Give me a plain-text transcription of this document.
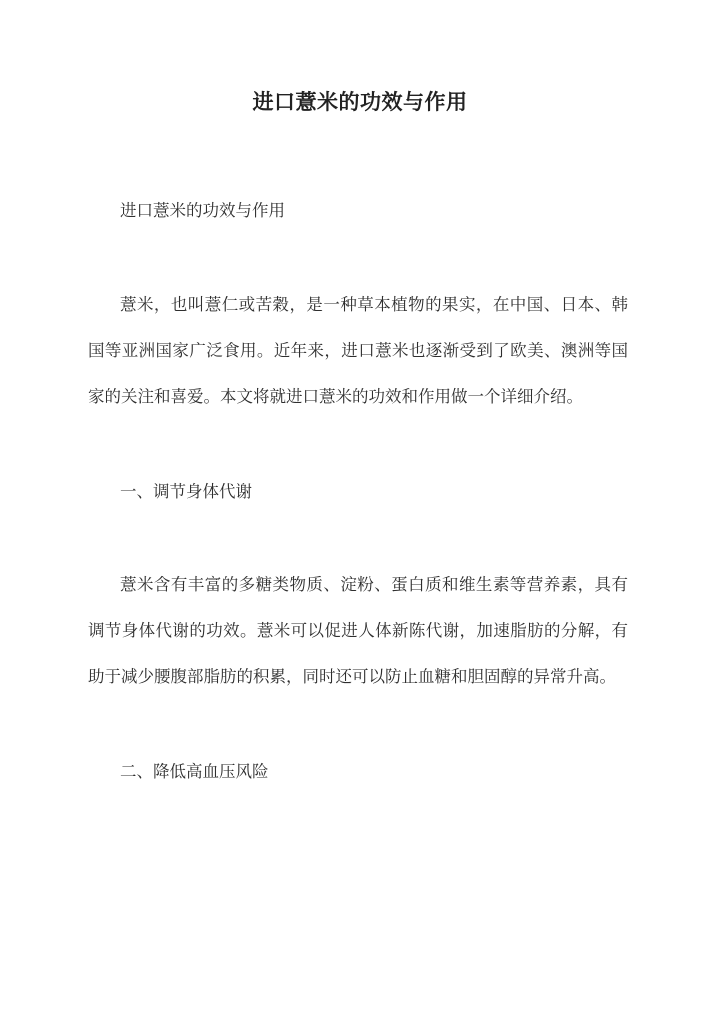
进口薏米的功效与作用
进口薏米的功效与作用
薏米，也叫薏仁或苦穀，是一种草本植物的果实，在中国、日本、韩
国等亚洲国家广泛食用。近年来，进口薏米也逐渐受到了欧美、澳洲等国
家的关注和喜爱。本文将就进口薏米的功效和作用做一个详细介绍。
一、调节身体代谢
薏米含有丰富的多糖类物质、淀粉、蛋白质和维生素等营养素，具有
调节身体代谢的功效。薏米可以促进人体新陈代谢，加速脂肪的分解，有
助于减少腰腹部脂肪的积累，同时还可以防止血糖和胆固醇的异常升高。
二、降低高血压风险
